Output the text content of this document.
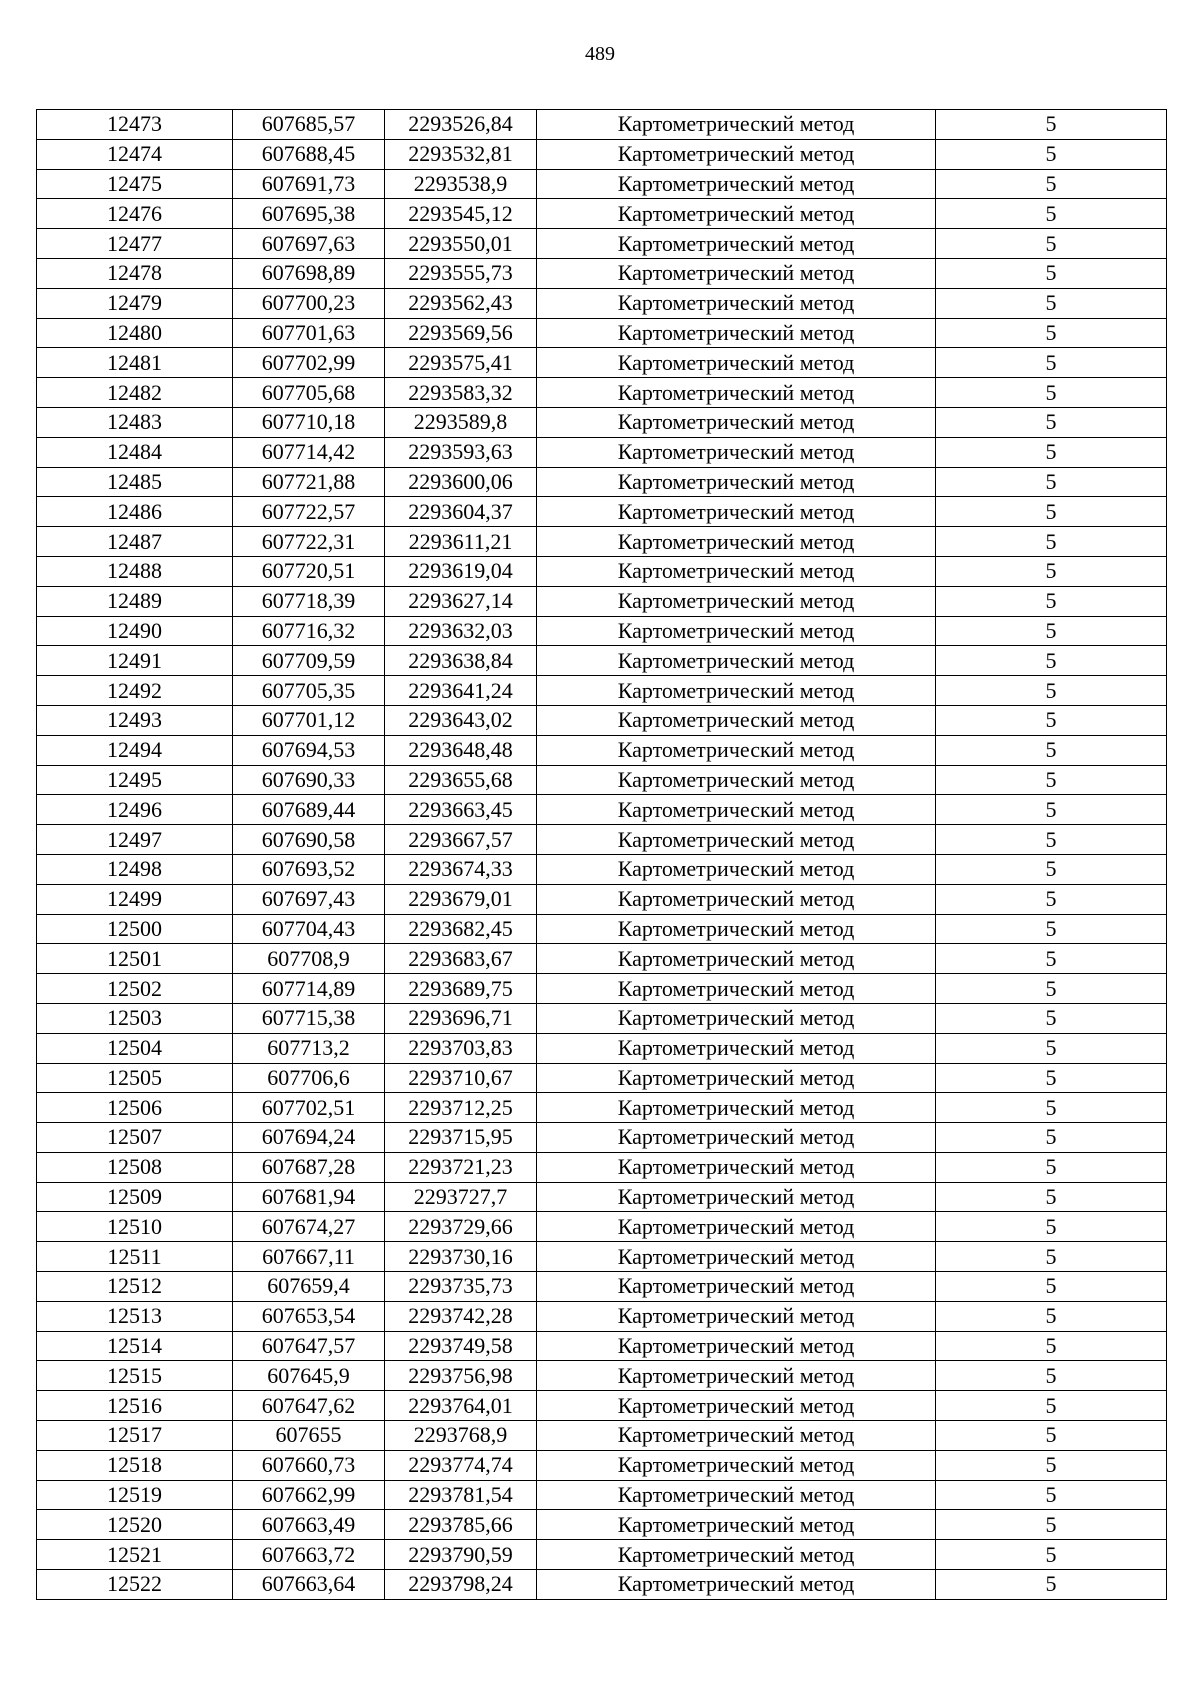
489
12473	607685,57	2293526,84	Картометрический метод	5
12474	607688,45	2293532,81	Картометрический метод	5
12475	607691,73	2293538,9	Картометрический метод	5
12476	607695,38	2293545,12	Картометрический метод	5
12477	607697,63	2293550,01	Картометрический метод	5
12478	607698,89	2293555,73	Картометрический метод	5
12479	607700,23	2293562,43	Картометрический метод	5
12480	607701,63	2293569,56	Картометрический метод	5
12481	607702,99	2293575,41	Картометрический метод	5
12482	607705,68	2293583,32	Картометрический метод	5
12483	607710,18	2293589,8	Картометрический метод	5
12484	607714,42	2293593,63	Картометрический метод	5
12485	607721,88	2293600,06	Картометрический метод	5
12486	607722,57	2293604,37	Картометрический метод	5
12487	607722,31	2293611,21	Картометрический метод	5
12488	607720,51	2293619,04	Картометрический метод	5
12489	607718,39	2293627,14	Картометрический метод	5
12490	607716,32	2293632,03	Картометрический метод	5
12491	607709,59	2293638,84	Картометрический метод	5
12492	607705,35	2293641,24	Картометрический метод	5
12493	607701,12	2293643,02	Картометрический метод	5
12494	607694,53	2293648,48	Картометрический метод	5
12495	607690,33	2293655,68	Картометрический метод	5
12496	607689,44	2293663,45	Картометрический метод	5
12497	607690,58	2293667,57	Картометрический метод	5
12498	607693,52	2293674,33	Картометрический метод	5
12499	607697,43	2293679,01	Картометрический метод	5
12500	607704,43	2293682,45	Картометрический метод	5
12501	607708,9	2293683,67	Картометрический метод	5
12502	607714,89	2293689,75	Картометрический метод	5
12503	607715,38	2293696,71	Картометрический метод	5
12504	607713,2	2293703,83	Картометрический метод	5
12505	607706,6	2293710,67	Картометрический метод	5
12506	607702,51	2293712,25	Картометрический метод	5
12507	607694,24	2293715,95	Картометрический метод	5
12508	607687,28	2293721,23	Картометрический метод	5
12509	607681,94	2293727,7	Картометрический метод	5
12510	607674,27	2293729,66	Картометрический метод	5
12511	607667,11	2293730,16	Картометрический метод	5
12512	607659,4	2293735,73	Картометрический метод	5
12513	607653,54	2293742,28	Картометрический метод	5
12514	607647,57	2293749,58	Картометрический метод	5
12515	607645,9	2293756,98	Картометрический метод	5
12516	607647,62	2293764,01	Картометрический метод	5
12517	607655	2293768,9	Картометрический метод	5
12518	607660,73	2293774,74	Картометрический метод	5
12519	607662,99	2293781,54	Картометрический метод	5
12520	607663,49	2293785,66	Картометрический метод	5
12521	607663,72	2293790,59	Картометрический метод	5
12522	607663,64	2293798,24	Картометрический метод	5
